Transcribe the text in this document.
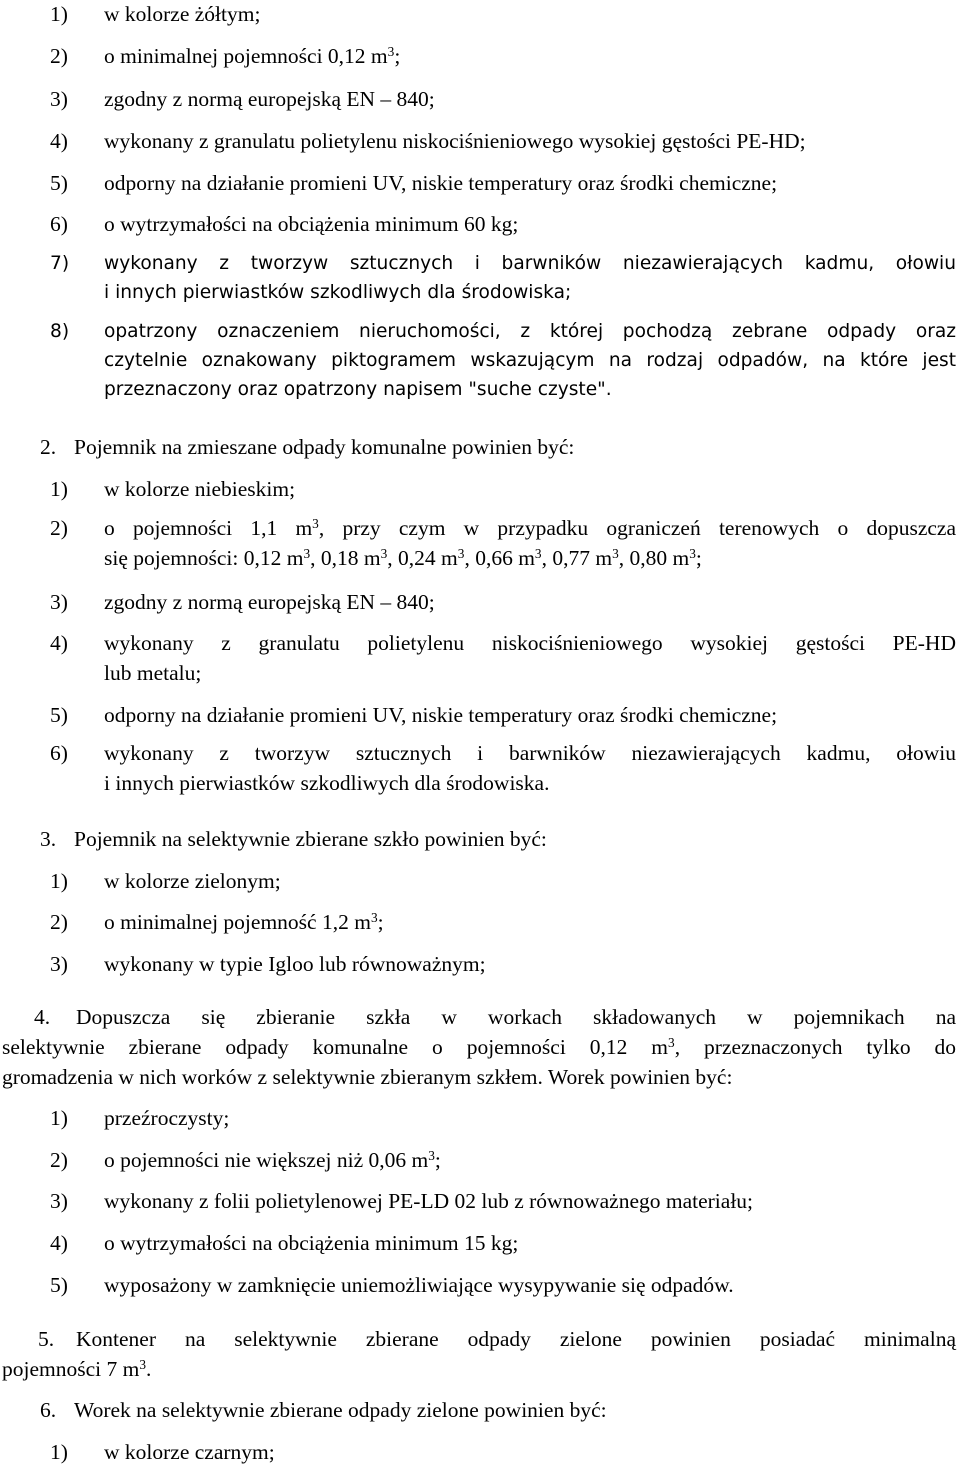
1) w kolorze żółtym;
2) o minimalnej pojemności 0,12 $m^3$;
3) zgodny z normą europejską EN – 840;
4) wykonany z granulatu polietylenu niskociśnieniowego wysokiej gęstości PE-HD;
5) odporny na działanie promieni UV, niskie temperatury oraz środki chemiczne;
6) o wytrzymałości na obciążenia minimum 60 kg;
7) wykonany z tworzyw sztucznych i barwników niezawierających kadmu, ołowiu
i innych pierwiastków szkodliwych dla środowiska;
8) opatrzony oznaczeniem nieruchomości, z której pochodzą zebrane odpady oraz
czytelnie oznakowany piktogramem wskazującym na rodzaj odpadów, na które jest
przeznaczony oraz opatrzony napisem "suche czyste".
2. Pojemnik na zmieszane odpady komunalne powinien być:
1) w kolorze niebieskim;
2) o pojemności 1,1 $m^3$, przy czym w przypadku ograniczeń terenowych o dopuszcza
się pojemności: 0,12 $m^3$, 0,18 $m^3$, 0,24 $m^3$, 0,66 $m^3$, 0,77 $m^3$, 0,80 $m^3$;
3) zgodny z normą europejską EN – 840;
4) wykonany z granulatu polietylenu niskociśnieniowego wysokiej gęstości PE-HD
lub metalu;
5) odporny na działanie promieni UV, niskie temperatury oraz środki chemiczne;
6) wykonany z tworzyw sztucznych i barwników niezawierających kadmu, ołowiu
i innych pierwiastków szkodliwych dla środowiska.
3. Pojemnik na selektywnie zbierane szkło powinien być:
1) w kolorze zielonym;
2) o minimalnej pojemność 1,2 $m^3$;
3) wykonany w typie Igloo lub równoważnym;
4. Dopuszcza się zbieranie szkła w workach składowanych w pojemnikach na
selektywnie zbierane odpady komunalne o pojemności 0,12 $m^3$, przeznaczonych tylko do
gromadzenia w nich worków z selektywnie zbieranym szkłem. Worek powinien być:
1) przeźroczysty;
2) o pojemności nie większej niż 0,06 $m^3$;
3) wykonany z folii polietylenowej PE-LD 02 lub z równoważnego materiału;
4) o wytrzymałości na obciążenia minimum 15 kg;
5) wyposażony w zamknięcie uniemożliwiające wysypywanie się odpadów.
5. Kontener na selektywnie zbierane odpady zielone powinien posiadać minimalną
pojemności 7 $m^3$.
6. Worek na selektywnie zbierane odpady zielone powinien być:
1) w kolorze czarnym;
